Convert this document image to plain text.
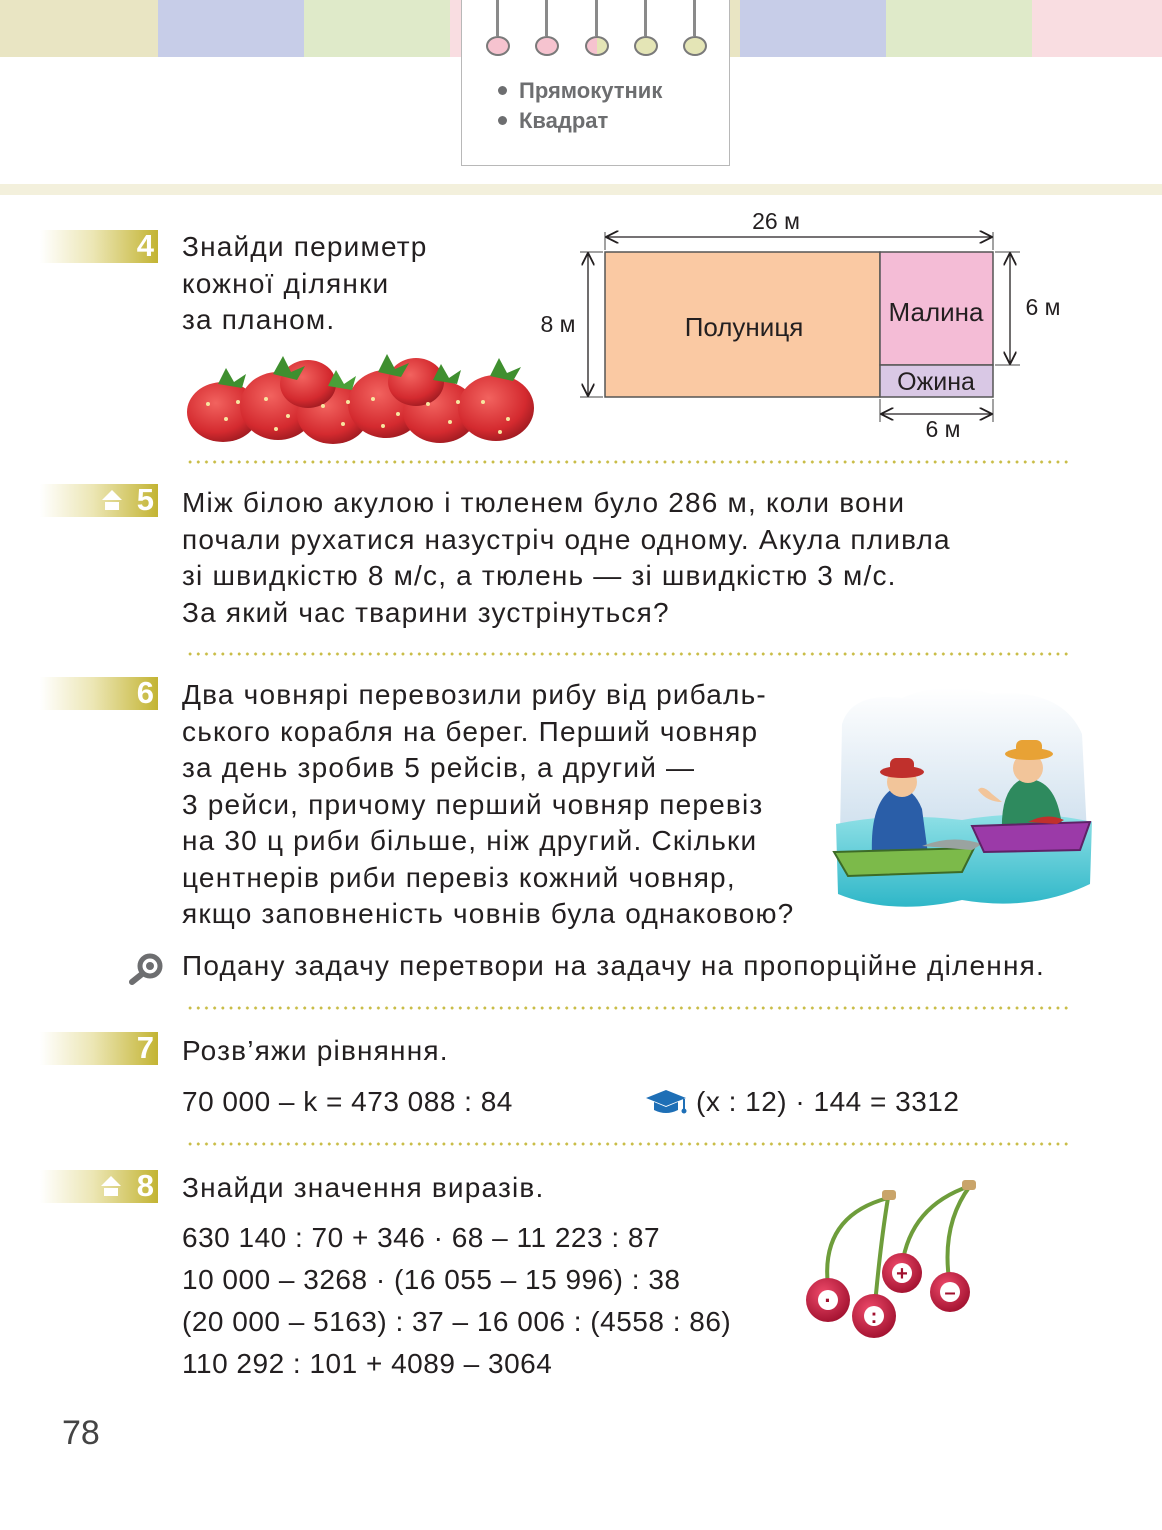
Прямокутник
Квадрат
4 Знайди периметр
кожної ділянки
за планом.
26 м
8 м
6 м
6 м
Полуниця	Малина
Ожина
5 Між білою акулою і тюленем було 286 м, коли вони
почали рухатися назустріч одне одному. Акула пливла
зі швидкістю 8 м/с, а тюлень — зі швидкістю 3 м/с.
За який час тварини зустрінуться?
6 Два човнярі перевозили рибу від рибаль-
ського корабля на берег. Перший човняр
за день зробив 5 рейсів, а другий —
3 рейси, причому перший човняр перевіз
на 30 ц риби більше, ніж другий. Скільки
центнерів риби перевіз кожний човняр,
якщо заповненість човнів була однаковою?
Подану задачу перетвори на задачу на пропорційне ділення.
7 Розв’яжи рівняння.
70 000 – k = 473 088 : 84	(x : 12) · 144 = 3312
8 Знайди значення виразів.
630 140 : 70 + 346 · 68 – 11 223 : 87
10 000 – 3268 · (16 055 – 15 996) : 38
(20 000 – 5163) : 37 – 16 006 : (4558 : 86)
110 292 : 101 + 4089 – 3064
+
–
·
:
78
